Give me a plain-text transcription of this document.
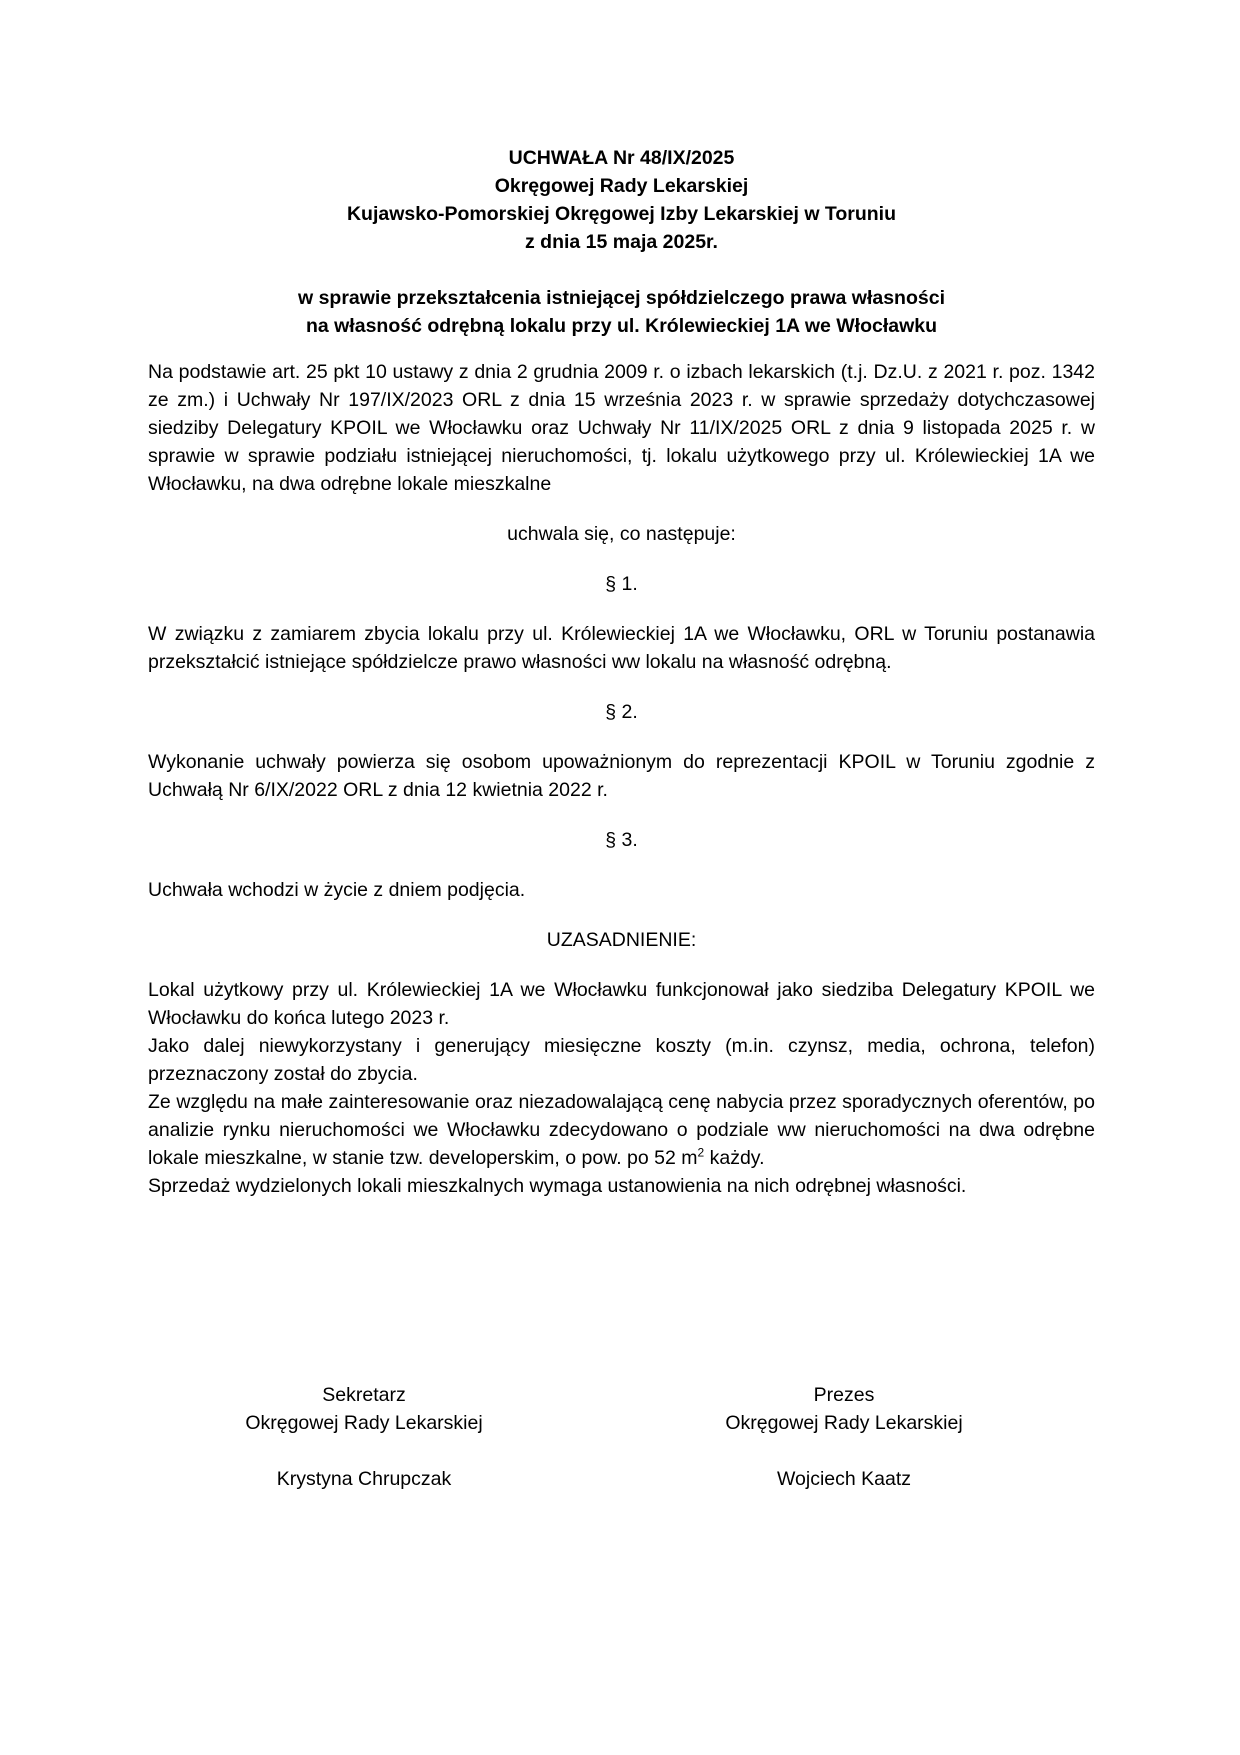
UCHWAŁA Nr 48/IX/2025

Okręgowej Rady Lekarskiej

Kujawsko-Pomorskiej Okręgowej Izby Lekarskiej w Toruniu

z dnia 15 maja 2025r.

w sprawie przekształcenia istniejącej spółdzielczego prawa własności

na własność odrębną lokalu przy ul. Królewieckiej 1A we Włocławku

Na podstawie art. 25 pkt 10 ustawy z dnia 2 grudnia 2009 r. o izbach lekarskich (t.j. Dz.U. z 2021 r. poz. 1342 ze zm.) i Uchwały Nr 197/IX/2023 ORL z dnia 15 września 2023 r. w sprawie sprzedaży dotychczasowej siedziby Delegatury KPOIL we Włocławku oraz Uchwały Nr 11/IX/2025 ORL z dnia 9 listopada 2025 r. w sprawie w sprawie podziału istniejącej nieruchomości, tj. lokalu użytkowego przy ul. Królewieckiej 1A we Włocławku, na dwa odrębne lokale mieszkalne

uchwala się, co następuje:

§ 1.

W związku z zamiarem zbycia lokalu przy ul. Królewieckiej 1A we Włocławku, ORL w Toruniu postanawia przekształcić istniejące spółdzielcze prawo własności ww lokalu na własność odrębną.

§ 2.

Wykonanie uchwały powierza się osobom upoważnionym do reprezentacji KPOIL w Toruniu zgodnie z Uchwałą Nr 6/IX/2022 ORL z dnia 12 kwietnia 2022 r.

§ 3.

Uchwała wchodzi w życie z dniem podjęcia.

UZASADNIENIE:

Lokal użytkowy przy ul. Królewieckiej 1A we Włocławku funkcjonował jako siedziba Delegatury KPOIL we Włocławku do końca lutego 2023 r.

Jako dalej niewykorzystany i generujący miesięczne koszty (m.in. czynsz, media, ochrona, telefon) przeznaczony został do zbycia.

Ze względu na małe zainteresowanie oraz niezadowalającą cenę nabycia przez sporadycznych oferentów, po analizie rynku nieruchomości we Włocławku zdecydowano o podziale ww nieruchomości na dwa odrębne lokale mieszkalne, w stanie tzw. developerskim, o pow. po 52 $m^2$ każdy.

Sprzedaż wydzielonych lokali mieszkalnych wymaga ustanowienia na nich odrębnej własności.

Sekretarz
Okręgowej Rady Lekarskiej
Krystyna Chrupczak
Prezes
Okręgowej Rady Lekarskiej
Wojciech Kaatz
